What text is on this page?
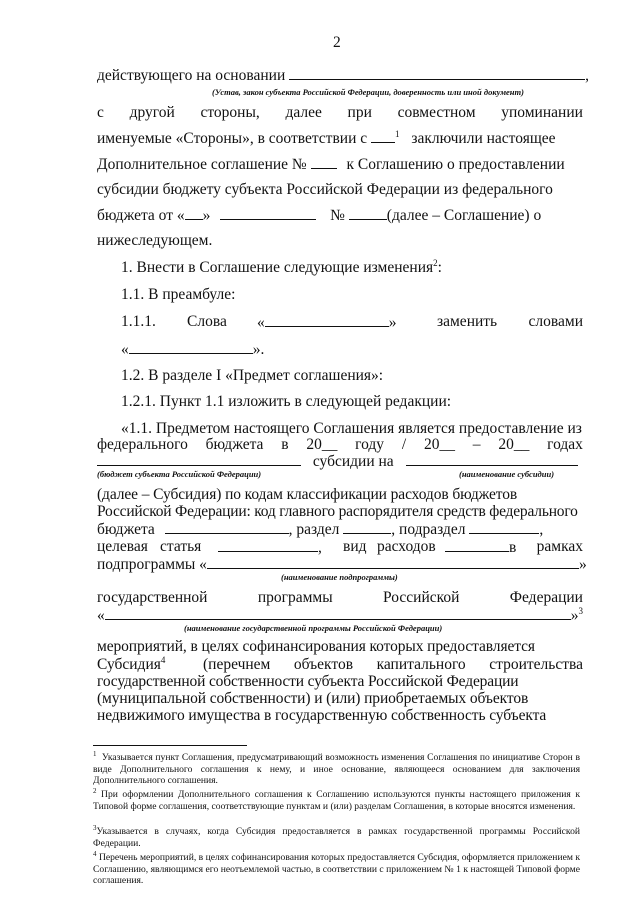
2
действующего на основании	,
(Устав, закон субъекта Российской Федерации, доверенность или иной документ)
с другой стороны, далее при совместном упоминании
именуемые «Стороны», в соответствии с	$^1$ заключили настоящее
Дополнительное соглашение №	к Соглашению о предоставлении
субсидии бюджету субъекта Российской Федерации из федерального
бюджета от « »	№	(далее – Соглашение) о
нижеследующем.
1. Внести в Соглашение следующие изменения$^2$:
1.1. В преамбуле:
1.1.1. Слова «	»	заменить словами
«	».
1.2. В разделе I «Предмет соглашения»:
1.2.1. Пункт 1.1 изложить в следующей редакции:
«1.1. Предметом настоящего Соглашения является предоставление из
федерального бюджета в 20__ году / 20__ – 20__ годах
субсидии на
(бюджет субъекта Российской Федерации)	(наименование субсидии)
(далее – Субсидия) по кодам классификации расходов бюджетов
Российской Федерации: код главного распорядителя средств федерального
бюджета	, раздел	, подраздел	,
целевая статья	, вид расходов	в рамках
подпрограммы «	»
(наименование подпрограммы)
государственной	программы	Российской	Федерации
«	»$^3$
(наименование государственной программы Российской Федерации)
мероприятий, в целях софинансирования которых предоставляется
Субсидия$^4$ (перечнем объектов капитального строительства
государственной собственности субъекта Российской Федерации
(муниципальной собственности) и (или) приобретаемых объектов
недвижимого имущества в государственную собственность субъекта
$^1$ Указывается пункт Соглашения, предусматривающий возможность изменения Соглашения по инициативе Сторон в виде Дополнительного соглашения к нему, и иное основание, являющееся основанием для заключения Дополнительного соглашения.
$^2$ При оформлении Дополнительного соглашения к Соглашению используются пункты настоящего приложения к Типовой форме соглашения, соответствующие пунктам и (или) разделам Соглашения, в которые вносятся изменения.
$^3$Указывается в случаях, когда Субсидия предоставляется в рамках государственной программы Российской Федерации.
$^4$ Перечень мероприятий, в целях софинансирования которых предоставляется Субсидия, оформляется приложением к Соглашению, являющимся его неотъемлемой частью, в соответствии с приложением № 1 к настоящей Типовой форме соглашения.
